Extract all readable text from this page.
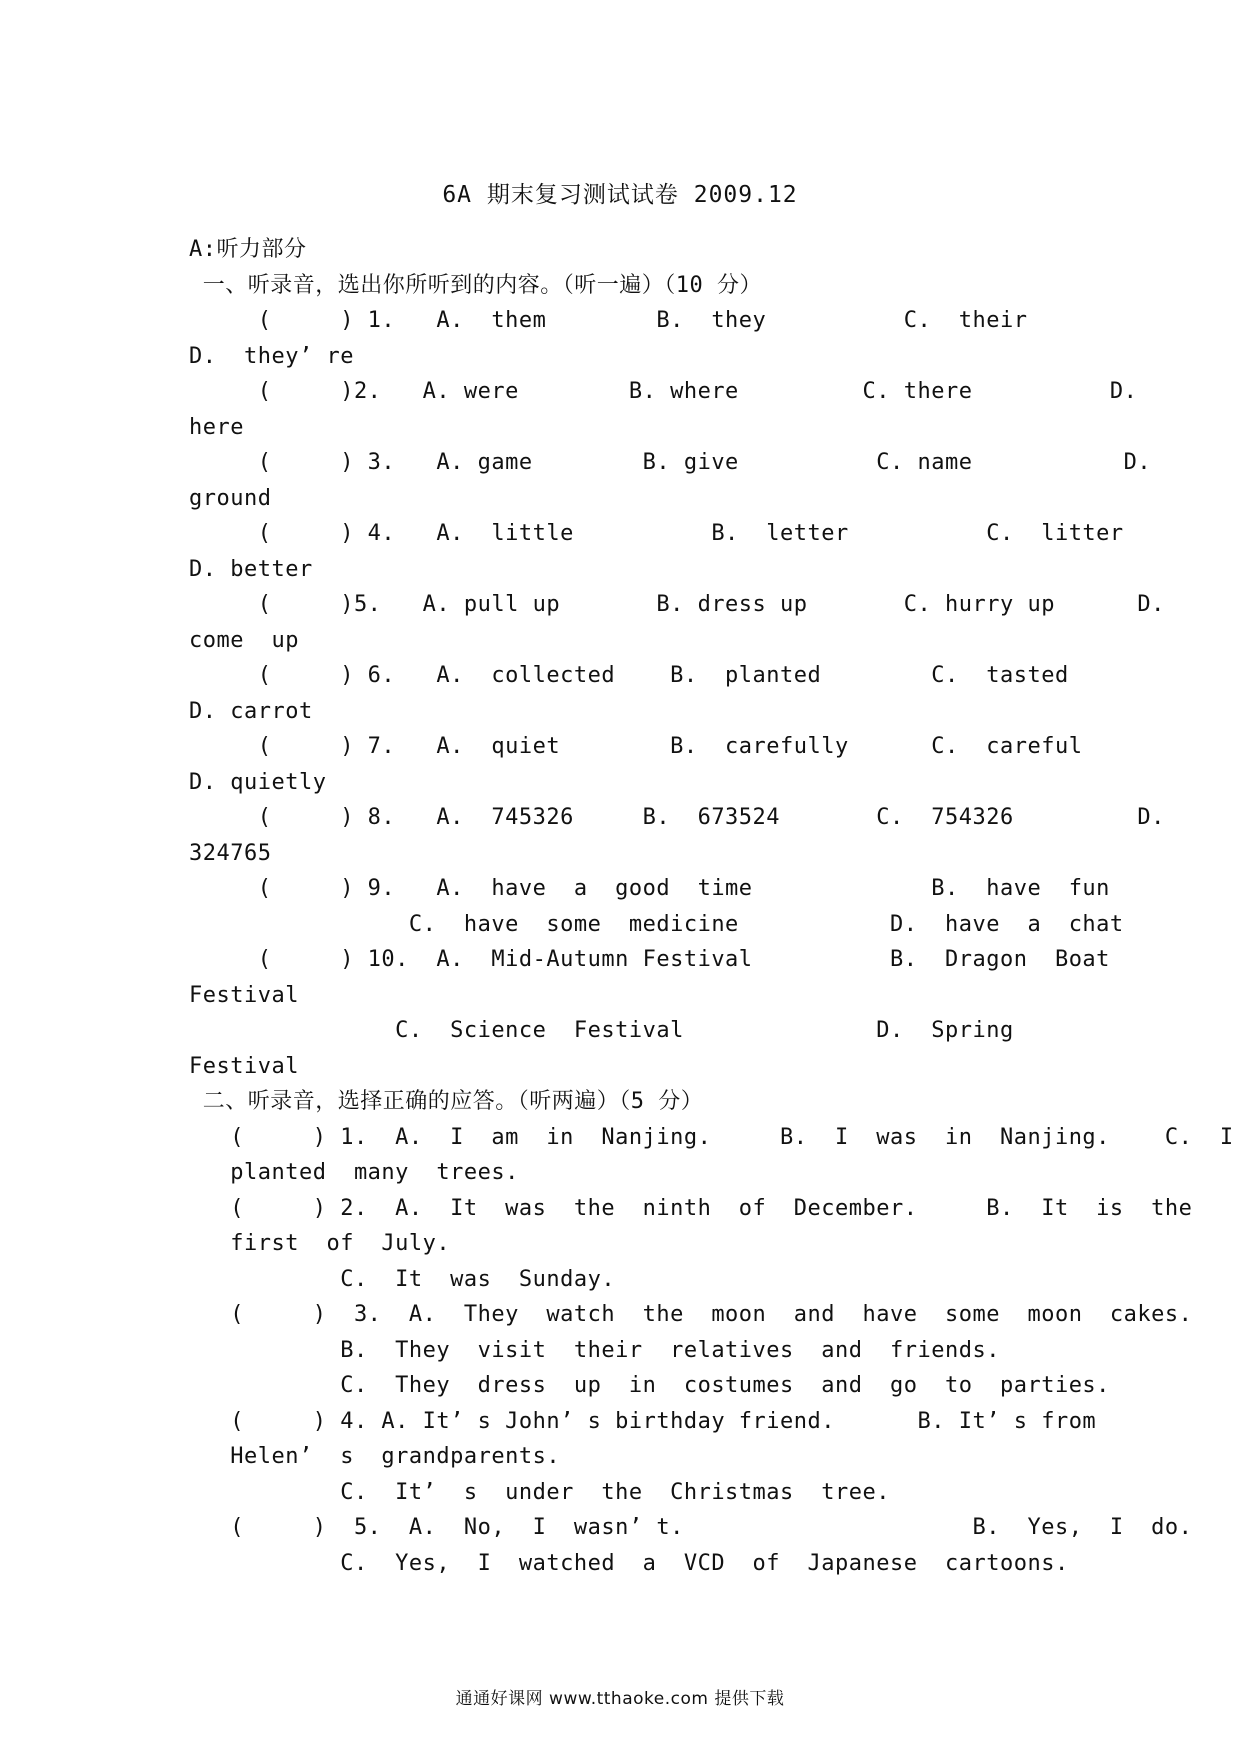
6A 期末复习测试试卷 2009.12
A:听力部分
一、听录音，选出你所听到的内容。（听一遍）（10 分）
(     ) 1.   A.  them        B.  they          C.  their
D.  they’ re
(     )2.   A. were        B. where         C. there          D.
here
(     ) 3.   A. game        B. give          C. name           D.
ground
(     ) 4.   A.  little          B.  letter          C.  litter
D. better
(     )5.   A. pull up       B. dress up       C. hurry up      D.
come  up
(     ) 6.   A.  collected    B.  planted        C.  tasted
D. carrot
(     ) 7.   A.  quiet        B.  carefully      C.  careful
D. quietly
(     ) 8.   A.  745326     B.  673524       C.  754326         D.
324765
(     ) 9.   A.  have  a  good  time             B.  have  fun
C.  have  some  medicine           D.  have  a  chat
(     ) 10.  A.  Mid-Autumn Festival          B.  Dragon  Boat
Festival
C.  Science  Festival              D.  Spring
Festival
二、听录音，选择正确的应答。（听两遍）（5 分）
(     ) 1.  A.  I  am  in  Nanjing.     B.  I  was  in  Nanjing.    C.  I
planted  many  trees.
(     ) 2.  A.  It  was  the  ninth  of  December.     B.  It  is  the
first  of  July.
C.  It  was  Sunday.
(     )  3.  A.  They  watch  the  moon  and  have  some  moon  cakes.
B.  They  visit  their  relatives  and  friends.
C.  They  dress  up  in  costumes  and  go  to  parties.
(     ) 4. A. It’ s John’ s birthday friend.      B. It’ s from
Helen’  s  grandparents.
C.  It’  s  under  the  Christmas  tree.
(     )  5.  A.  No,  I  wasn’ t.                     B.  Yes,  I  do.
C.  Yes,  I  watched  a  VCD  of  Japanese  cartoons.
通通好课网 www.tthaoke.com 提供下载
